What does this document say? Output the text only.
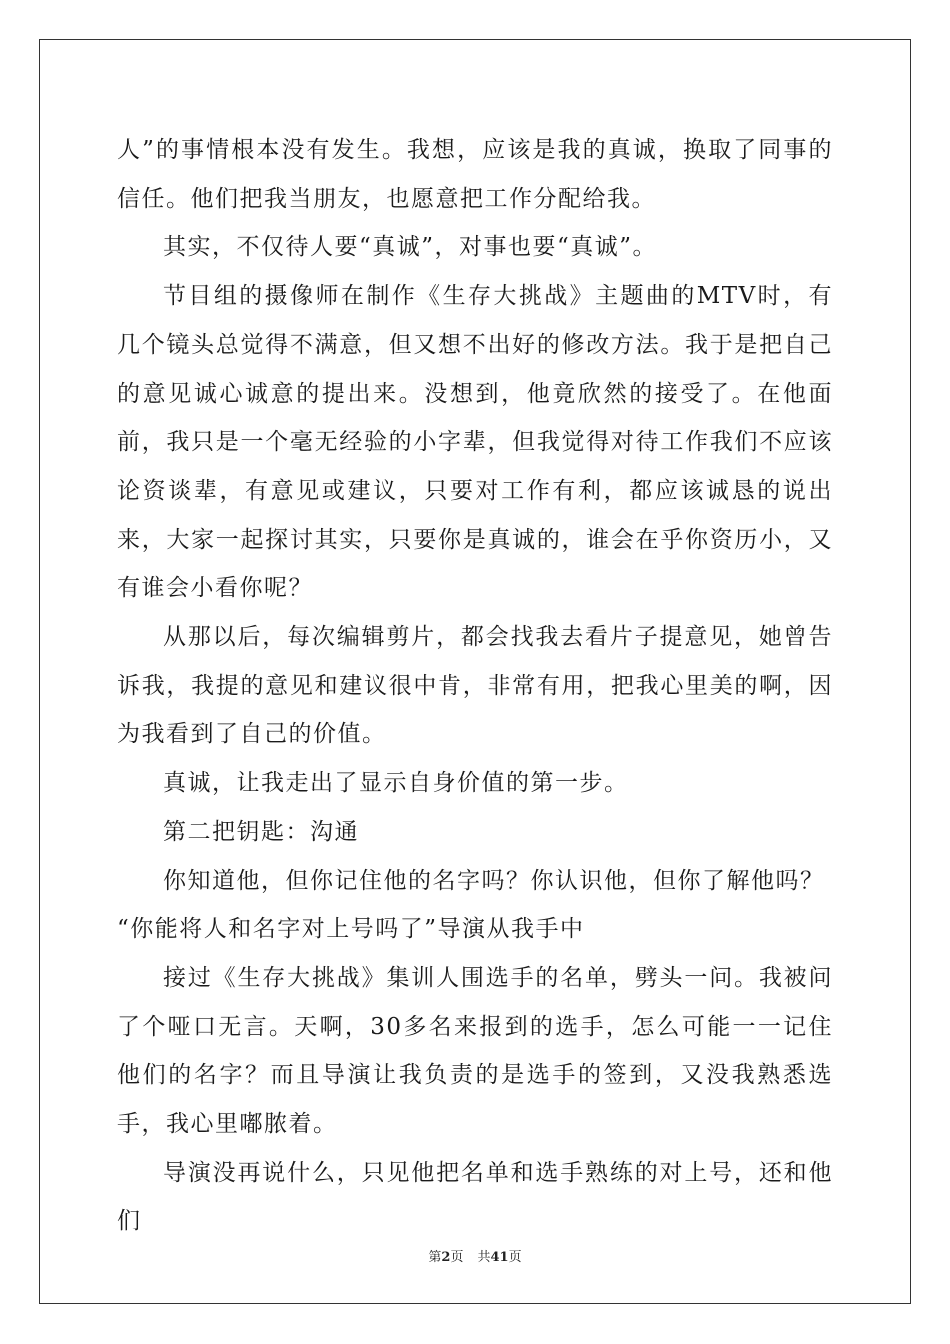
人”的事情根本没有发生。我想，应该是我的真诚，换取了同事的信任。他们把我当朋友，也愿意把工作分配给我。

其实，不仅待人要“真诚”，对事也要“真诚”。

节目组的摄像师在制作《生存大挑战》主题曲的MTV时，有几个镜头总觉得不满意，但又想不出好的修改方法。我于是把自己的意见诚心诚意的提出来。没想到，他竟欣然的接受了。在他面前，我只是一个毫无经验的小字辈，但我觉得对待工作我们不应该论资谈辈，有意见或建议，只要对工作有利，都应该诚恳的说出来，大家一起探讨其实，只要你是真诚的，谁会在乎你资历小，又有谁会小看你呢？

从那以后，每次编辑剪片，都会找我去看片子提意见，她曾告诉我，我提的意见和建议很中肯，非常有用，把我心里美的啊，因为我看到了自己的价值。

真诚，让我走出了显示自身价值的第一步。

第二把钥匙：沟通

你知道他，但你记住他的名字吗？你认识他，但你了解他吗？

“你能将人和名字对上号吗了”导演从我手中

接过《生存大挑战》集训人围选手的名单，劈头一问。我被问了个哑口无言。天啊，30多名来报到的选手，怎么可能一一记住他们的名字？而且导演让我负责的是选手的签到，又没我熟悉选手，我心里嘟脓着。

导演没再说什么，只见他把名单和选手熟练的对上号，还和他们

第2页 共41页
